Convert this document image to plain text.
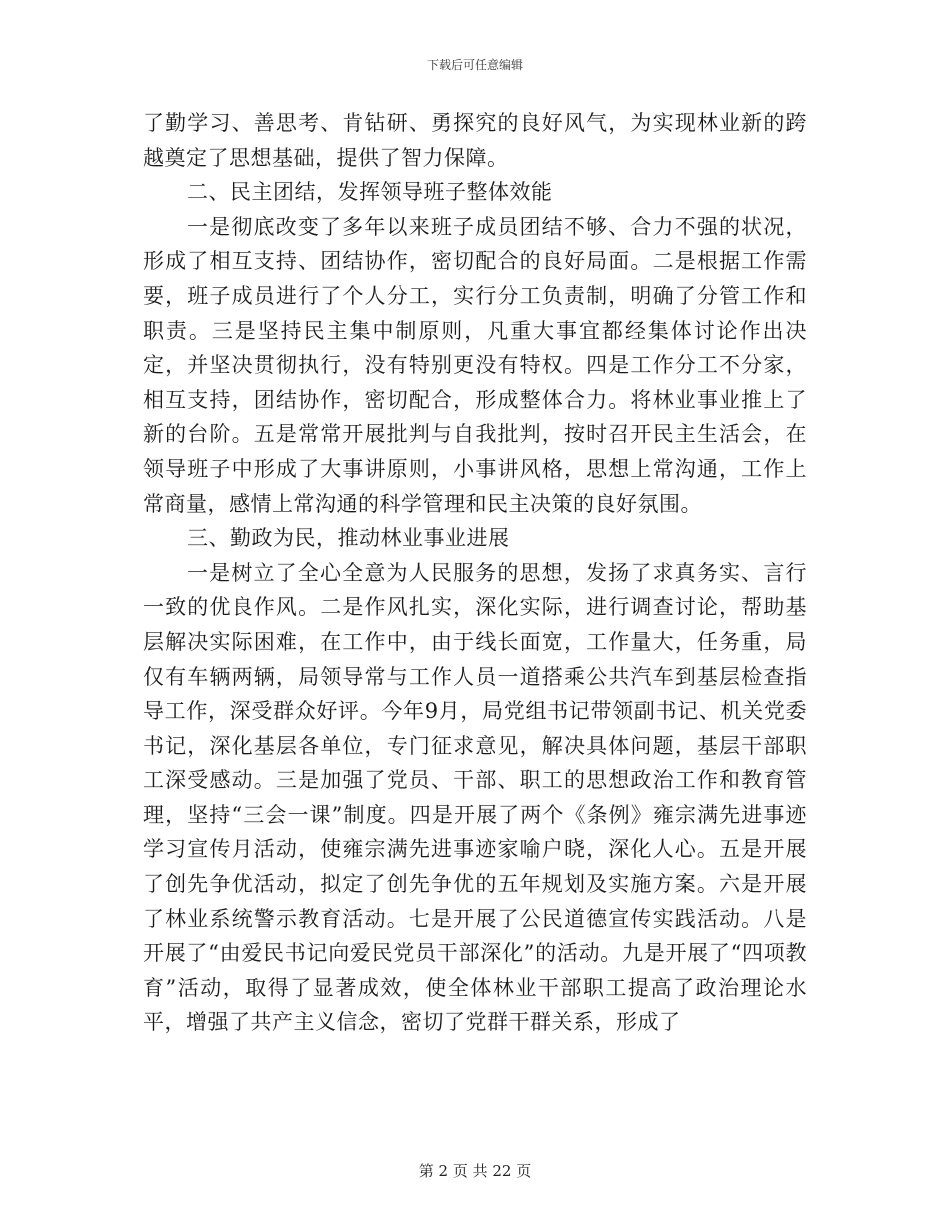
下载后可任意编辑

了勤学习、善思考、肯钻研、勇探究的良好风气，为实现林业新的跨越奠定了思想基础，提供了智力保障。

二、民主团结，发挥领导班子整体效能

一是彻底改变了多年以来班子成员团结不够、合力不强的状况，形成了相互支持、团结协作，密切配合的良好局面。二是根据工作需要，班子成员进行了个人分工，实行分工负责制，明确了分管工作和职责。三是坚持民主集中制原则，凡重大事宜都经集体讨论作出决定，并坚决贯彻执行，没有特别更没有特权。四是工作分工不分家，相互支持，团结协作，密切配合，形成整体合力。将林业事业推上了新的台阶。五是常常开展批判与自我批判，按时召开民主生活会，在领导班子中形成了大事讲原则，小事讲风格，思想上常沟通，工作上常商量，感情上常沟通的科学管理和民主决策的良好氛围。

三、勤政为民，推动林业事业进展

一是树立了全心全意为人民服务的思想，发扬了求真务实、言行一致的优良作风。二是作风扎实，深化实际，进行调查讨论，帮助基层解决实际困难，在工作中，由于线长面宽，工作量大，任务重，局仅有车辆两辆，局领导常与工作人员一道搭乘公共汽车到基层检查指导工作，深受群众好评。今年9月，局党组书记带领副书记、机关党委书记，深化基层各单位，专门征求意见，解决具体问题，基层干部职工深受感动。三是加强了党员、干部、职工的思想政治工作和教育管理，坚持“三会一课”制度。四是开展了两个《条例》雍宗满先进事迹学习宣传月活动，使雍宗满先进事迹家喻户晓，深化人心。五是开展了创先争优活动，拟定了创先争优的五年规划及实施方案。六是开展了林业系统警示教育活动。七是开展了公民道德宣传实践活动。八是开展了“由爱民书记向爱民党员干部深化”的活动。九是开展了“四项教育”活动，取得了显著成效，使全体林业干部职工提高了政治理论水平，增强了共产主义信念，密切了党群干群关系，形成了

第 2 页 共 22 页
